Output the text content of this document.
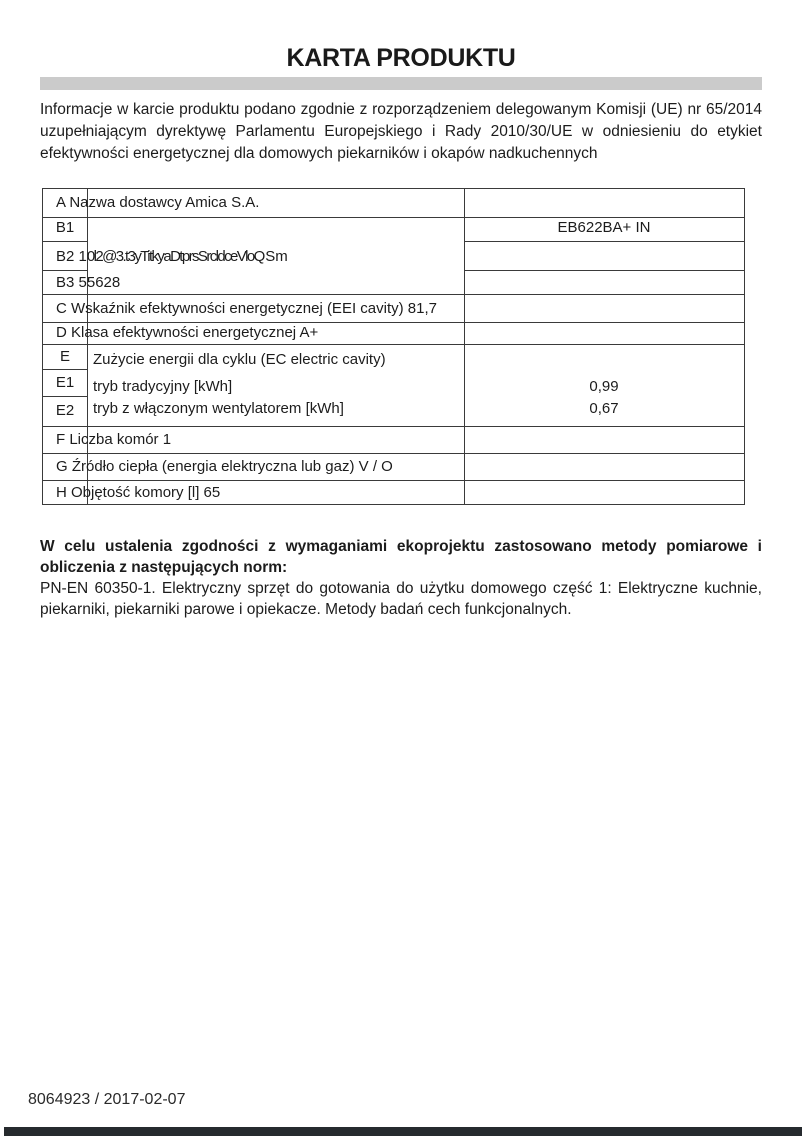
KARTA PRODUKTU
Informacje w karcie produktu podano zgodnie z rozporządzeniem delegowanym Komisji (UE) nr 65/2014 uzupełniającym dyrektywę Parlamentu Europejskiego i Rady 2010/30/UE w odniesieniu do etykiet efektywności energetycznej dla domowych piekarników i okapów nadkuchennych
A Nazwa dostawcy Amica S.A.
B1	EB622BA+ IN
B2 10l2@3.t3yTitkyaDtprsSrcldceVloQSm
B3 55628
C Wskaźnik efektywności energetycznej (EEI cavity) 81,7
D Klasa efektywności energetycznej A+
E
E1
E2
Zużycie energii dla cyklu (EC electric cavity)
tryb tradycyjny [kWh]
tryb z włączonym wentylatorem [kWh]
0,99
0,67
F Liczba komór 1
G Źródło ciepła (energia elektryczna lub gaz) V / O
H Objętość komory [l] 65

W celu ustalenia zgodności z wymaganiami ekoprojektu zastosowano metody pomiarowe i obliczenia z następujących norm:

PN-EN 60350-1. Elektryczny sprzęt do gotowania do użytku domowego część 1: Elektryczne kuchnie, piekarniki, piekarniki parowe i opiekacze. Metody badań cech funkcjonalnych.

8064923 / 2017-02-07
